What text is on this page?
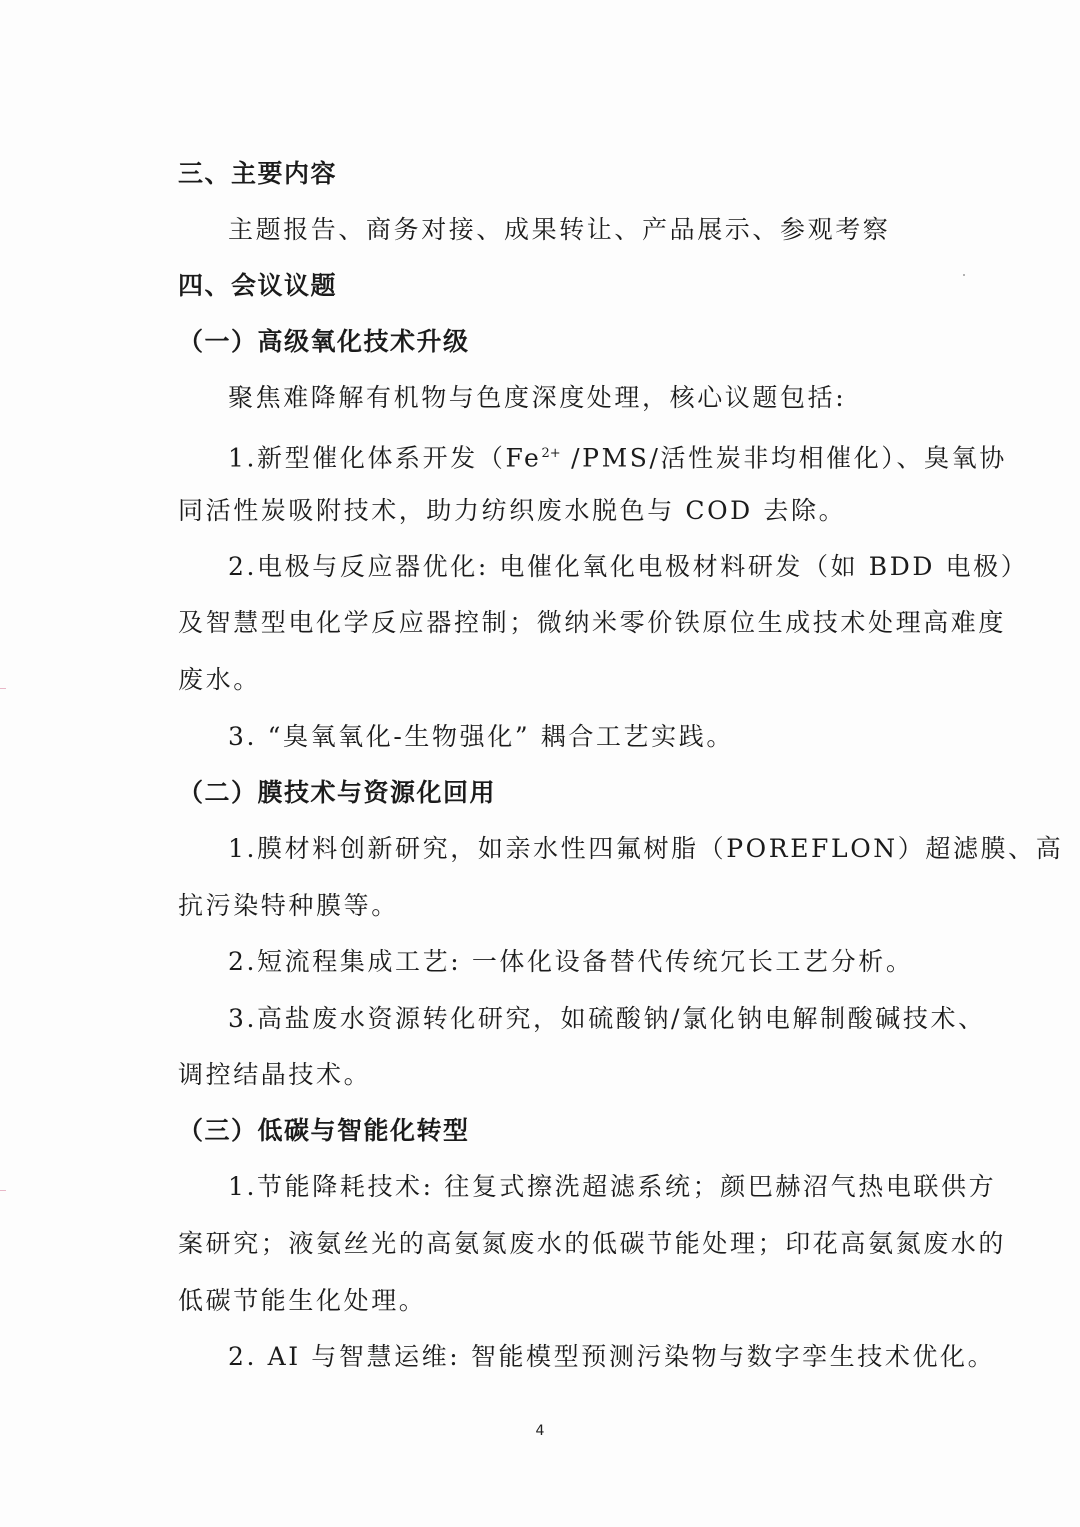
三、主要内容
主题报告、商务对接、成果转让、产品展示、参观考察
四、会议议题
（一）高级氧化技术升级
聚焦难降解有机物与色度深度处理，核心议题包括:
1.新型催化体系开发（$Fe^{2+}$ /PMS/活性炭非均相催化）、臭氧协
同活性炭吸附技术，助力纺织废水脱色与 COD 去除。
2.电极与反应器优化: 电催化氧化电极材料研发（如 BDD 电极）
及智慧型电化学反应器控制；微纳米零价铁原位生成技术处理高难度
废水。
3. “臭氧氧化-生物强化” 耦合工艺实践。
（二）膜技术与资源化回用
1.膜材料创新研究，如亲水性四氟树脂（POREFLON）超滤膜、高
抗污染特种膜等。
2.短流程集成工艺: 一体化设备替代传统冗长工艺分析。
3.高盐废水资源转化研究，如硫酸钠/氯化钠电解制酸碱技术、
调控结晶技术。
（三）低碳与智能化转型
1.节能降耗技术: 往复式擦洗超滤系统；颜巴赫沼气热电联供方
案研究；液氨丝光的高氨氮废水的低碳节能处理；印花高氨氮废水的
低碳节能生化处理。
2. AI 与智慧运维: 智能模型预测污染物与数字孪生技术优化。
4
